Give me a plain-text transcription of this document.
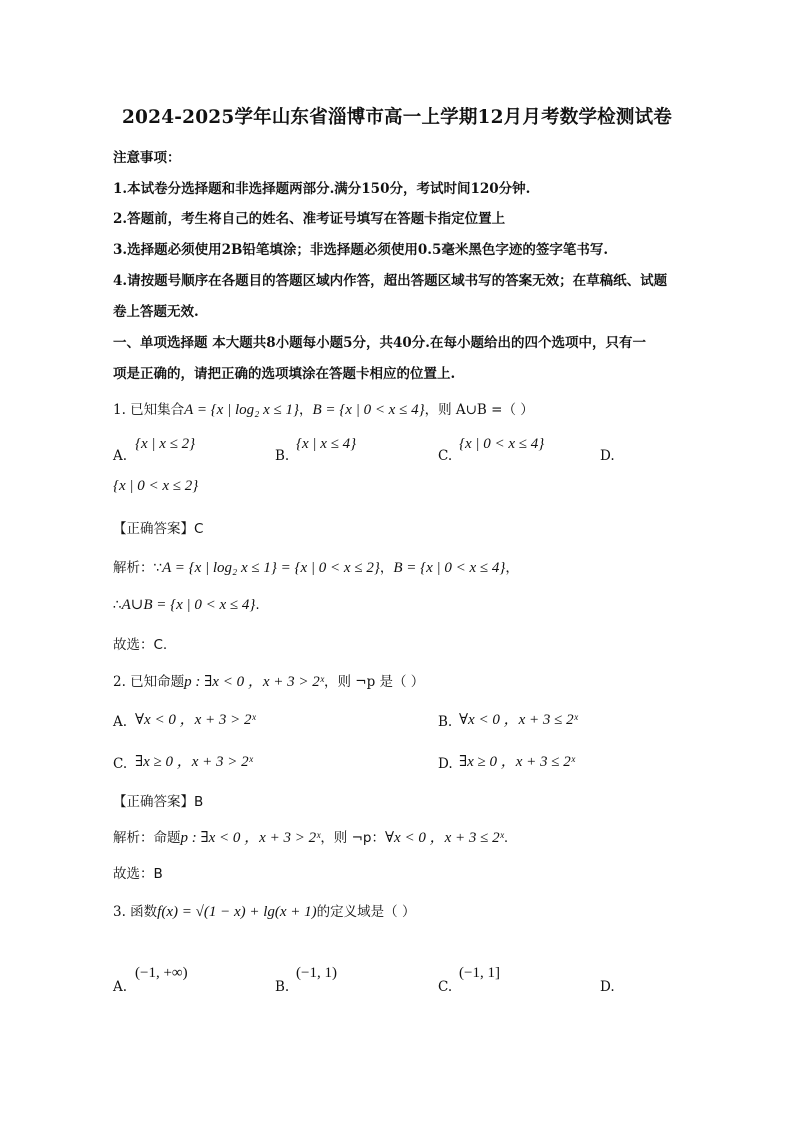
2024-2025学年山东省淄博市高一上学期12月月考数学检测试卷
注意事项：
1.本试卷分选择题和非选择题两部分.满分150分，考试时间120分钟.
2.答题前，考生将自己的姓名、准考证号填写在答题卡指定位置上
3.选择题必须使用2B铅笔填涂；非选择题必须使用0.5毫米黑色字迹的签字笔书写.
4.请按题号顺序在各题目的答题区域内作答，超出答题区域书写的答案无效；在草稿纸、试题
卷上答题无效.
一、单项选择题 本大题共8小题每小题5分，共40分.在每小题给出的四个选项中，只有一
项是正确的，请把正确的选项填涂在答题卡相应的位置上.
1. 已知集合A = {x | log₂ x ≤ 1}，B = {x | 0 < x ≤ 4}，则 A∪B =（ ）
A.
{x | x ≤ 2}
B.
{x | x ≤ 4}
C.
{x | 0 < x ≤ 4}
D.
{x | 0 < x ≤ 2}
【正确答案】C
解析：∵A = {x | log₂ x ≤ 1} = {x | 0 < x ≤ 2}，B = {x | 0 < x ≤ 4}，
∴A∪B = {x | 0 < x ≤ 4}.
故选：C.
2. 已知命题p : ∃x < 0 ，x + 3 > 2ˣ，则 ¬p 是（ ）
A. ∀x < 0 ，x + 3 > 2ˣ	B. ∀x < 0 ，x + 3 ≤ 2ˣ
C. ∃x ≥ 0 ，x + 3 > 2ˣ	D. ∃x ≥ 0 ，x + 3 ≤ 2ˣ
【正确答案】B
解析：命题p : ∃x < 0 ，x + 3 > 2ˣ，则 ¬p：∀x < 0 ，x + 3 ≤ 2ˣ.
故选：B
3. 函数f(x) = √(1 − x) + lg(x + 1)的定义域是（ ）
A.
(−1, +∞)
B.
(−1, 1)
C.
(−1, 1]
D.
